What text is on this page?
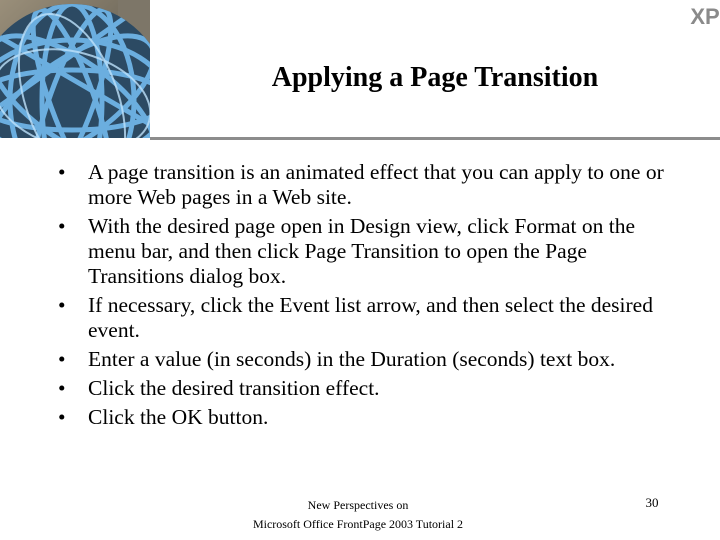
XP
Applying a Page Transition
• A page transition is an animated effect that you can apply to one or more Web pages in a Web site.
• With the desired page open in Design view, click Format on the menu bar, and then click Page Transition to open the Page Transitions dialog box.
• If necessary, click the Event list arrow, and then select the desired event.
• Enter a value (in seconds) in the Duration (seconds) text box.
• Click the desired transition effect.
• Click the OK button.
New Perspectives on
Microsoft Office FrontPage 2003 Tutorial 2
30
